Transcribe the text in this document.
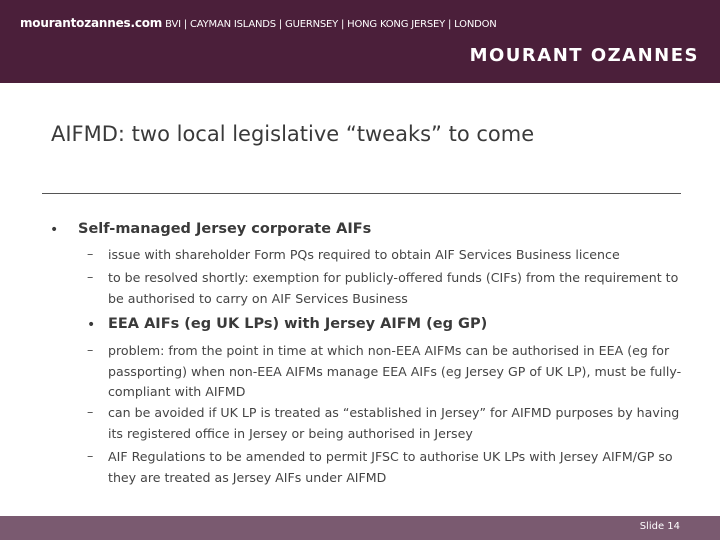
mourantozannes.com BVI | CAYMAN ISLANDS | GUERNSEY | HONG KONG JERSEY | LONDON
MOURANT OZANNES
AIFMD: two local legislative “tweaks” to come
• Self-managed Jersey corporate AIFs
– issue with shareholder Form PQs required to obtain AIF Services Business licence
– to be resolved shortly: exemption for publicly-offered funds (CIFs) from the requirement to be authorised to carry on AIF Services Business
• EEA AIFs (eg UK LPs) with Jersey AIFM (eg GP)
– problem: from the point in time at which non-EEA AIFMs can be authorised in EEA (eg for passporting) when non-EEA AIFMs manage EEA AIFs (eg Jersey GP of UK LP), must be fully-compliant with AIFMD
– can be avoided if UK LP is treated as “established in Jersey” for AIFMD purposes by having its registered office in Jersey or being authorised in Jersey
– AIF Regulations to be amended to permit JFSC to authorise UK LPs with Jersey AIFM/GP so they are treated as Jersey AIFs under AIFMD
Slide 14
